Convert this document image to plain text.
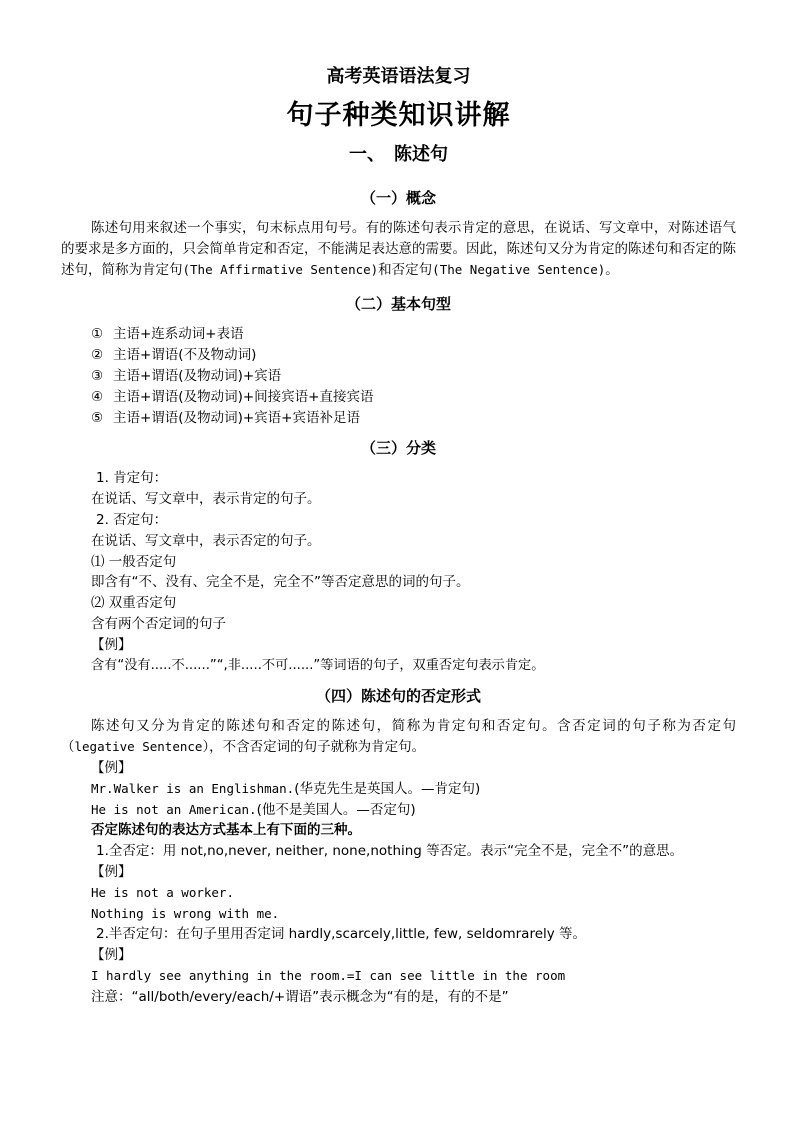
高考英语语法复习
句子种类知识讲解
一、　陈述句
（一）概念
陈述句用来叙述一个事实，句末标点用句号。有的陈述句表示肯定的意思，在说话、写文章中，对陈述语气的要求是多方面的，只会简单肯定和否定，不能满足表达意的需要。因此，陈述句又分为肯定的陈述句和否定的陈述句，简称为肯定句(The Affirmative Sentence)和否定句(The Negative Sentence)。
（二）基本句型
① 主语+连系动词+表语
② 主语+谓语(不及物动词)
③ 主语+谓语(及物动词)+宾语
④ 主语+谓语(及物动词)+间接宾语+直接宾语
⑤ 主语+谓语(及物动词)+宾语+宾语补足语
（三）分类
1. 肯定句：
在说话、写文章中，表示肯定的句子。
2. 否定句：
在说话、写文章中，表示否定的句子。
⑴ 一般否定句
即含有“不、没有、完全不是，完全不”等否定意思的词的句子。
⑵ 双重否定句
含有两个否定词的句子
【例】
含有“没有.....不......”“,非.....不可......”等词语的句子，双重否定句表示肯定。
（四）陈述句的否定形式
陈述句又分为肯定的陈述句和否定的陈述句，简称为肯定句和否定句。含否定词的句子称为否定句（legative Sentence），不含否定词的句子就称为肯定句。
【例】
Mr.Walker is an Englishman.(华克先生是英国人。—肯定句)
He is not an American.(他不是美国人。—否定句)
否定陈述句的表达方式基本上有下面的三种。
1.全否定：用 not,no,never, neither, none,nothing 等否定。表示“完全不是，完全不”的意思。
【例】
He is not a worker.
Nothing is wrong with me.
2.半否定句：在句子里用否定词 hardly,scarcely,little, few, seldomrarely 等。
【例】
I hardly see anything in the room.=I can see little in the room
注意：“all/both/every/each/+谓语”表示概念为“有的是，有的不是”
